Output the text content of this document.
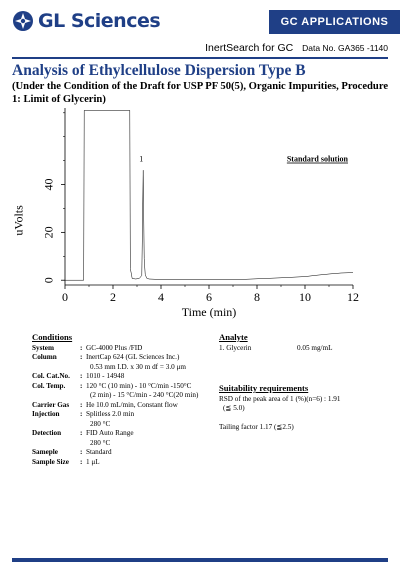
GL Sciences	GC APPLICATIONS
InertSearch for GC Data No. GA365 -1140
Analysis of Ethylcellulose Dispersion Type B
(Under the Condition of the Draft for USP PF 50(5), Organic Impurities, Procedure 1: Limit of Glycerin)
0	2	4	6	8	10	12
0
20
40
uVolts
Time (min)
1	Standard solution
Conditions
System	: GC-4000 Plus /FID
Column	: InertCap 624 (GL Sciences Inc.)
0.53 mm I.D. x 30 m df = 3.0 μm
Col. Cat.No.	: 1010 - 14948
Col. Temp.	: 120 °C (10 min) - 10 °C/min -150°C
(2 min) - 15 °C/min - 240 °C(20 min)
Carrier Gas	: He 10.0 mL/min, Constant flow
Injection	: Splitless 2.0 min
280 °C
Detection	: FID Auto Range
280 °C
Sameple	: Standard
Sample Size	: 1 μL
Analyte
1. Glycerin	0.05 mg/mL
Suitability requirements
RSD of the peak area of 1 (%)(n=6) : 1.91
(≦ 5.0)
Tailing factor 1.17 (≦2.5)
